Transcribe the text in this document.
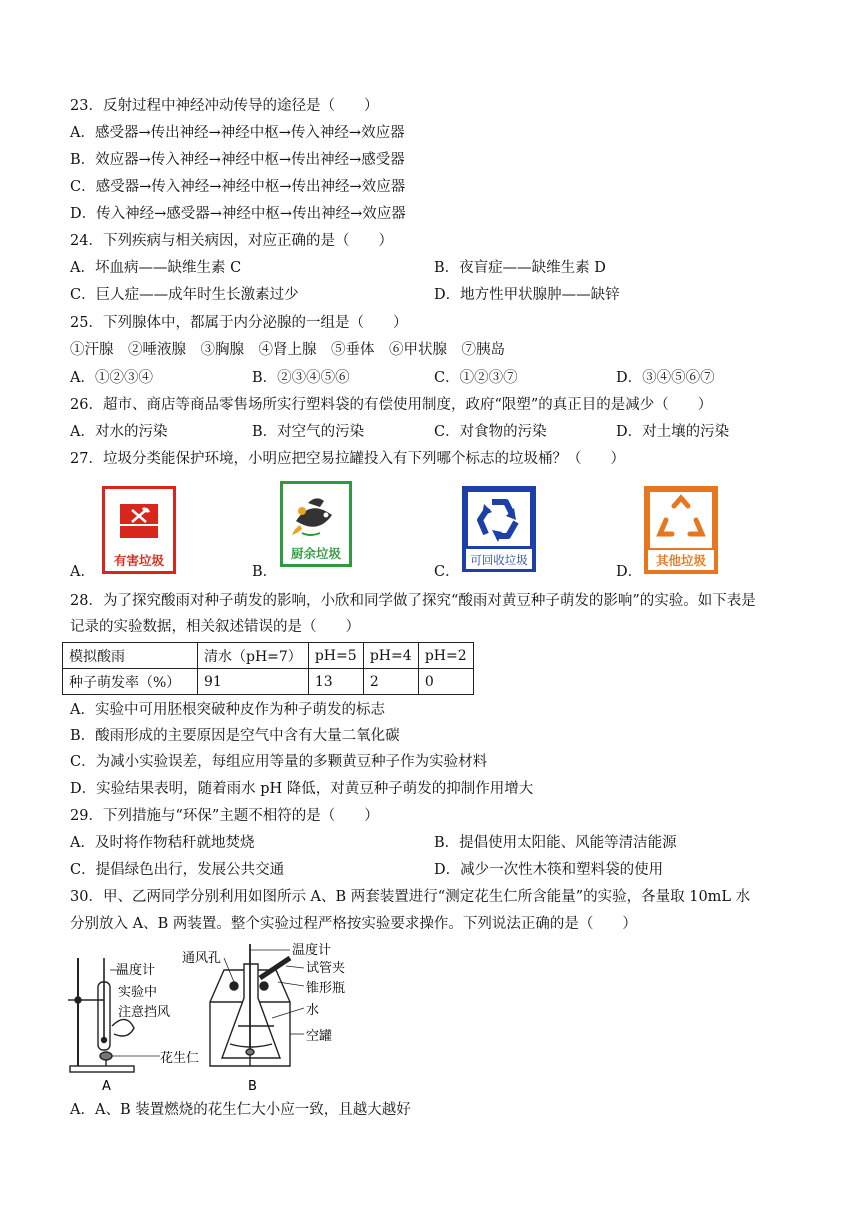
23．反射过程中神经冲动传导的途径是（　　）
A．感受器→传出神经→神经中枢→传入神经→效应器
B．效应器→传入神经→神经中枢→传出神经→感受器
C．感受器→传入神经→神经中枢→传出神经→效应器
D．传入神经→感受器→神经中枢→传出神经→效应器
24．下列疾病与相关病因，对应正确的是（　　）
A．坏血病——缺维生素 C	B．夜盲症——缺维生素 D
C．巨人症——成年时生长激素过少	D．地方性甲状腺肿——缺锌
25．下列腺体中，都属于内分泌腺的一组是（　　）
①汗腺　②唾液腺　③胸腺　④肾上腺　⑤垂体　⑥甲状腺　⑦胰岛
A．①②③④	B．②③④⑤⑥	C．①②③⑦	D．③④⑤⑥⑦
26．超市、商店等商品零售场所实行塑料袋的有偿使用制度，政府“限塑”的真正目的是减少（　　）
A．对水的污染	B．对空气的污染	C．对食物的污染	D．对土壤的污染
27．垃圾分类能保护环境，小明应把空易拉罐投入有下列哪个标志的垃圾桶？（　　）
A．
有害垃圾
B．
厨余垃圾
C．
可回收垃圾
D．
其他垃圾
28．为了探究酸雨对种子萌发的影响，小欣和同学做了探究“酸雨对黄豆种子萌发的影响”的实验。如下表是
记录的实验数据，相关叙述错误的是（　　）
模拟酸雨	清水（pH=7）	pH=5	pH=4	pH=2
种子萌发率（%）	91	13	2	0
A．实验中可用胚根突破种皮作为种子萌发的标志
B．酸雨形成的主要原因是空气中含有大量二氧化碳
C．为减小实验误差，每组应用等量的多颗黄豆种子作为实验材料
D．实验结果表明，随着雨水 pH 降低，对黄豆种子萌发的抑制作用增大
29．下列措施与“环保”主题不相符的是（　　）
A．及时将作物秸秆就地焚烧	B．提倡使用太阳能、风能等清洁能源
C．提倡绿色出行，发展公共交通	D．减少一次性木筷和塑料袋的使用
30．甲、乙两同学分别利用如图所示 A、B 两套装置进行“测定花生仁所含能量”的实验，各量取 10mL 水
分别放入 A、B 两装置。整个实验过程严格按实验要求操作。下列说法正确的是（　　）
温度计
实验中
注意挡风
花生仁
A
通风孔
温度计
试管夹
锥形瓶
水
空罐
B
A．A、B 装置燃烧的花生仁大小应一致，且越大越好
